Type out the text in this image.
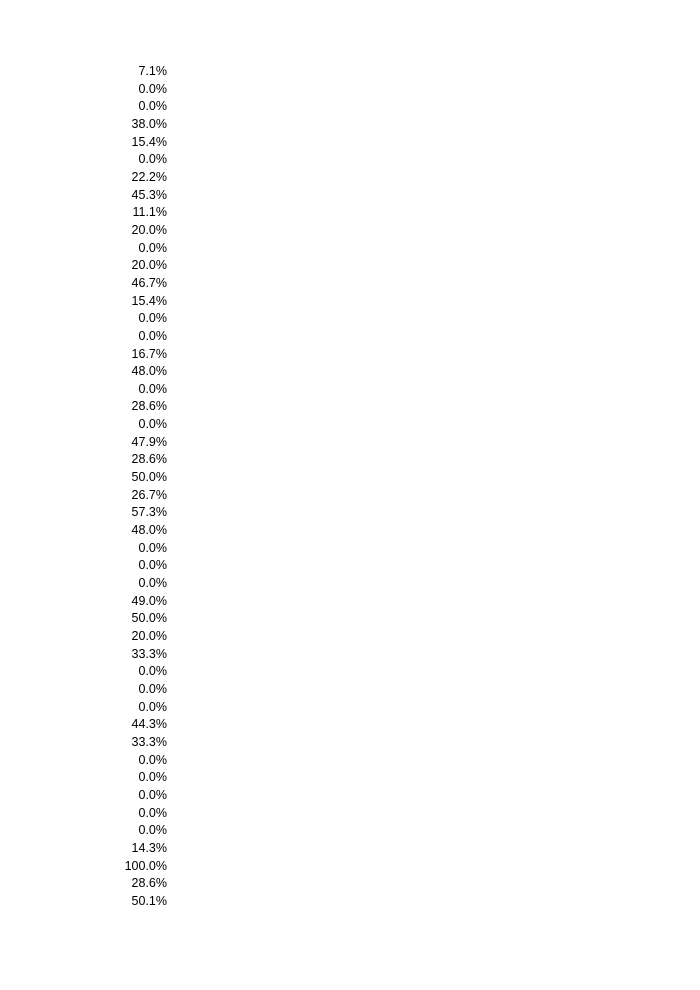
7.1%
0.0%
0.0%
38.0%
15.4%
0.0%
22.2%
45.3%
11.1%
20.0%
0.0%
20.0%
46.7%
15.4%
0.0%
0.0%
16.7%
48.0%
0.0%
28.6%
0.0%
47.9%
28.6%
50.0%
26.7%
57.3%
48.0%
0.0%
0.0%
0.0%
49.0%
50.0%
20.0%
33.3%
0.0%
0.0%
0.0%
44.3%
33.3%
0.0%
0.0%
0.0%
0.0%
0.0%
14.3%
100.0%
28.6%
50.1%
